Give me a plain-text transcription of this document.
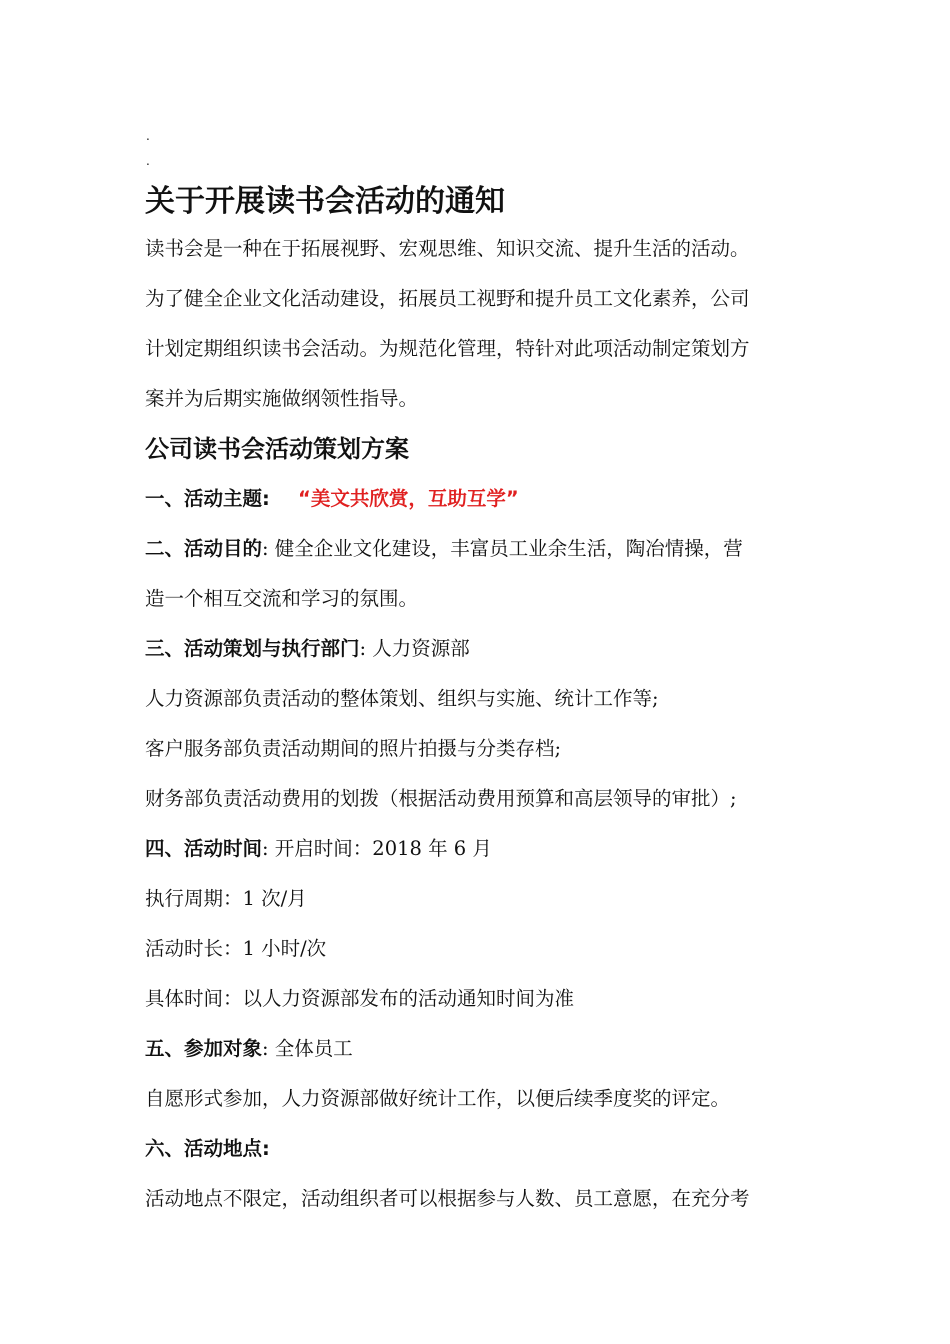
.
.
关于开展读书会活动的通知
读书会是一种在于拓展视野、宏观思维、知识交流、提升生活的活动。
为了健全企业文化活动建设，拓展员工视野和提升员工文化素养，公司
计划定期组织读书会活动。为规范化管理，特针对此项活动制定策划方
案并为后期实施做纲领性指导。
公司读书会活动策划方案
一、活动主题: “美文共欣赏，互助互学”
二、活动目的: 健全企业文化建设，丰富员工业余生活，陶冶情操，营
造一个相互交流和学习的氛围。
三、活动策划与执行部门: 人力资源部
人力资源部负责活动的整体策划、组织与实施、统计工作等;
客户服务部负责活动期间的照片拍摄与分类存档;
财务部负责活动费用的划拨（根据活动费用预算和高层领导的审批）;
四、活动时间: 开启时间：2018 年 6 月
执行周期：1 次/月
活动时长：1 小时/次
具体时间：以人力资源部发布的活动通知时间为准
五、参加对象: 全体员工
自愿形式参加，人力资源部做好统计工作，以便后续季度奖的评定。
六、活动地点:
活动地点不限定，活动组织者可以根据参与人数、员工意愿，在充分考
